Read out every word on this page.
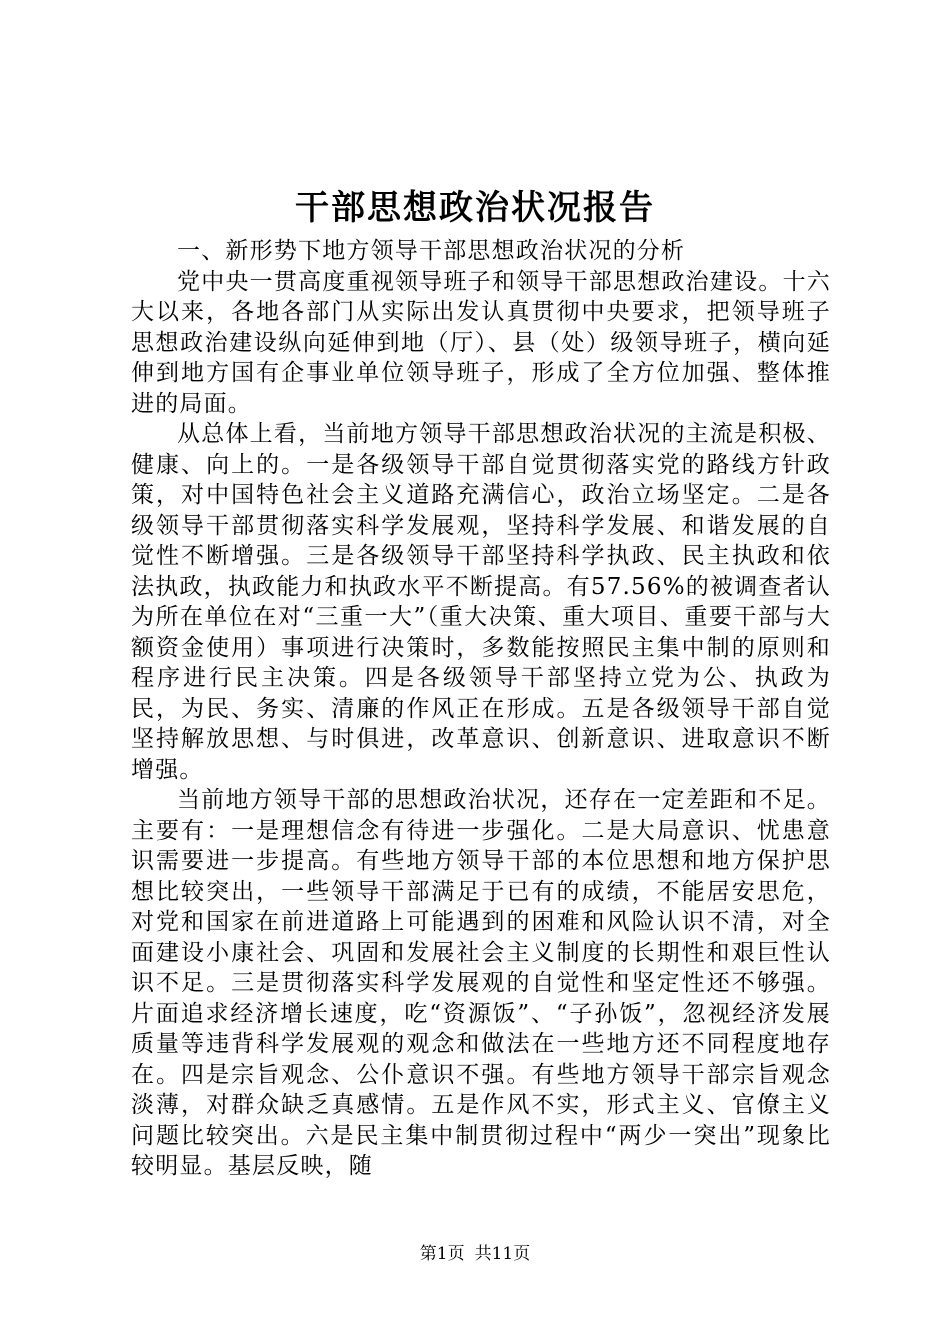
干部思想政治状况报告

一、新形势下地方领导干部思想政治状况的分析

党中央一贯高度重视领导班子和领导干部思想政治建设。十六大以来，各地各部门从实际出发认真贯彻中央要求，把领导班子思想政治建设纵向延伸到地（厅）、县（处）级领导班子，横向延伸到地方国有企事业单位领导班子，形成了全方位加强、整体推进的局面。

从总体上看，当前地方领导干部思想政治状况的主流是积极、健康、向上的。一是各级领导干部自觉贯彻落实党的路线方针政策，对中国特色社会主义道路充满信心，政治立场坚定。二是各级领导干部贯彻落实科学发展观，坚持科学发展、和谐发展的自觉性不断增强。三是各级领导干部坚持科学执政、民主执政和依法执政，执政能力和执政水平不断提高。有57.56%的被调查者认为所在单位在对“三重一大”（重大决策、重大项目、重要干部与大额资金使用）事项进行决策时，多数能按照民主集中制的原则和程序进行民主决策。四是各级领导干部坚持立党为公、执政为民，为民、务实、清廉的作风正在形成。五是各级领导干部自觉坚持解放思想、与时俱进，改革意识、创新意识、进取意识不断增强。

当前地方领导干部的思想政治状况，还存在一定差距和不足。主要有：一是理想信念有待进一步强化。二是大局意识、忧患意识需要进一步提高。有些地方领导干部的本位思想和地方保护思想比较突出，一些领导干部满足于已有的成绩，不能居安思危，对党和国家在前进道路上可能遇到的困难和风险认识不清，对全面建设小康社会、巩固和发展社会主义制度的长期性和艰巨性认识不足。三是贯彻落实科学发展观的自觉性和坚定性还不够强。片面追求经济增长速度，吃“资源饭”、“子孙饭”，忽视经济发展质量等违背科学发展观的观念和做法在一些地方还不同程度地存在。四是宗旨观念、公仆意识不强。有些地方领导干部宗旨观念淡薄，对群众缺乏真感情。五是作风不实，形式主义、官僚主义问题比较突出。六是民主集中制贯彻过程中“两少一突出”现象比较明显。基层反映，随

第1页 共11页
